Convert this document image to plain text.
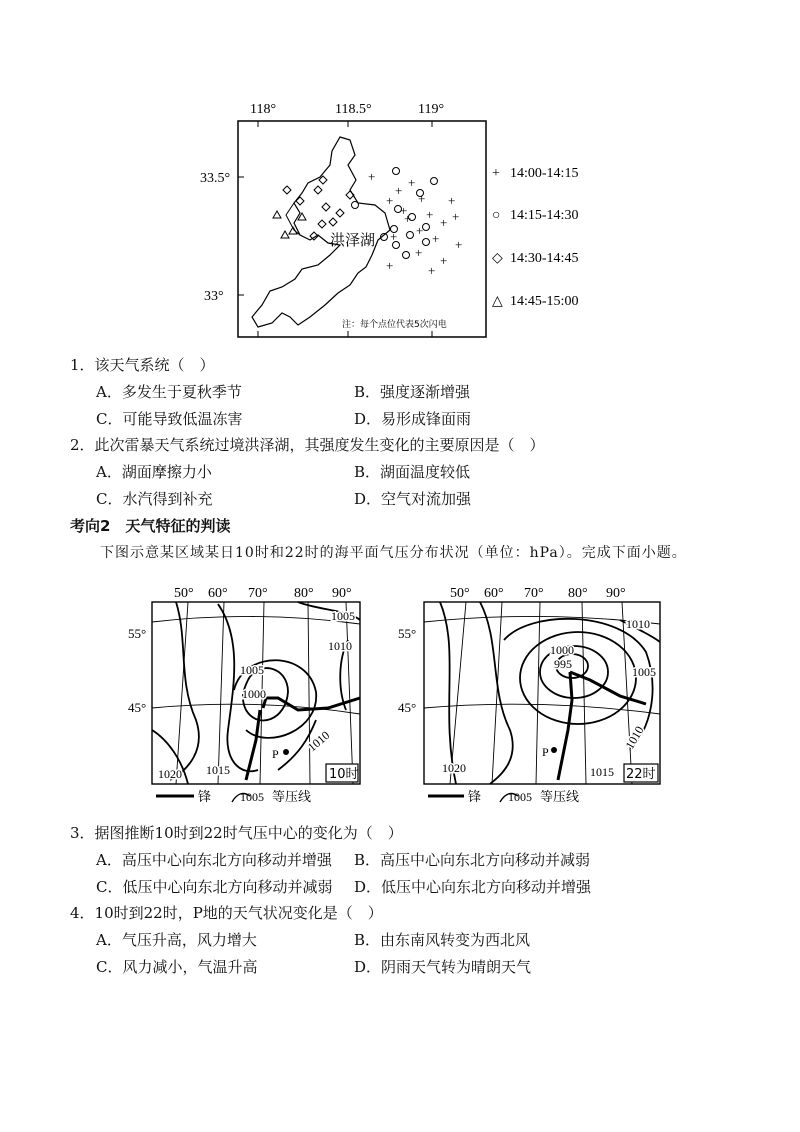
118°	118.5°	119°
33.5°
33°
+
+
+
+
+
+
+
+ +
+
+
+ +
+
+	+
+
+
+
洪泽湖
注：每个点位代表5次闪电
+ 14:00-14:15
○ 14:15-14:30
◇ 14:30-14:45
△ 14:45-15:00
1．该天气系统（　）
A．多发生于夏秋季节	B．强度逐渐增强
C．可能导致低温冻害	D．易形成锋面雨
2．此次雷暴天气系统过境洪泽湖，其强度发生变化的主要原因是（　）
A．湖面摩擦力小	B．湖面温度较低
C．水汽得到补充	D．空气对流加强
考向2　天气特征的判读
下图示意某区域某日10时和22时的海平面气压分布状况（单位：hPa）。完成下面小题。
50° 60° 70° 80° 90°
55°
45°
1005
1010
1005
1000
1010
1020 1015
P
10时
锋 1005 等压线
50° 60° 70° 80° 90°
55°
45°
1010
1000
995
1005
1010
1020	1015
P
22时
锋 1005 等压线
3．据图推断10时到22时气压中心的变化为（　）
A．高压中心向东北方向移动并增强 B．高压中心向东北方向移动并减弱
C．低压中心向东北方向移动并减弱 D．低压中心向东北方向移动并增强
4．10时到22时，P地的天气状况变化是（　）
A．气压升高，风力增大	B．由东南风转变为西北风
C．风力减小，气温升高	D．阴雨天气转为晴朗天气
